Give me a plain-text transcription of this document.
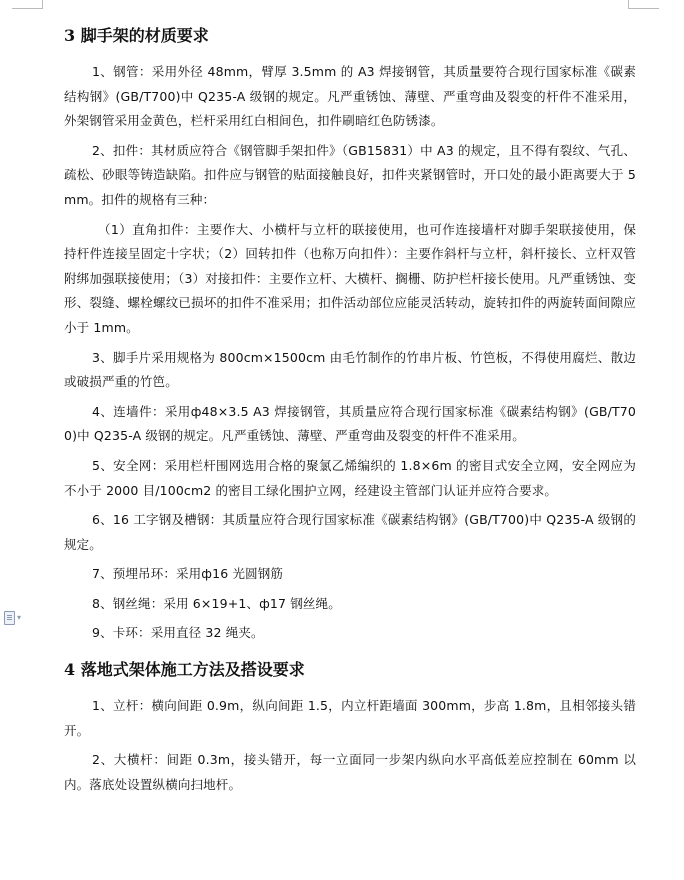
▾
3 脚手架的材质要求

1、钢管：采用外径 48mm，臂厚 3.5mm 的 A3 焊接钢管，其质量要符合现行国家标准《碳素结构钢》(GB/T700)中 Q235-A 级钢的规定。凡严重锈蚀、薄壁、严重弯曲及裂变的杆件不准采用，外架钢管采用金黄色，栏杆采用红白相间色，扣件刷暗红色防锈漆。

2、扣件：其材质应符合《钢管脚手架扣件》（GB15831）中 A3 的规定，且不得有裂纹、气孔、疏松、砂眼等铸造缺陷。扣件应与钢管的贴面接触良好，扣件夹紧钢管时，开口处的最小距离要大于 5mm。扣件的规格有三种：

（1）直角扣件：主要作大、小横杆与立杆的联接使用，也可作连接墙杆对脚手架联接使用，保持杆件连接呈固定十字状；（2）回转扣件（也称万向扣件）：主要作斜杆与立杆，斜杆接长、立杆双管附绑加强联接使用；（3）对接扣件：主要作立杆、大横杆、搁栅、防护栏杆接长使用。凡严重锈蚀、变形、裂缝、螺栓螺纹已损坏的扣件不准采用；扣件活动部位应能灵活转动，旋转扣件的两旋转面间隙应小于 1mm。

3、脚手片采用规格为 800cm×1500cm 由毛竹制作的竹串片板、竹笆板，不得使用腐烂、散边或破损严重的竹笆。

4、连墙件：采用ф48×3.5 A3 焊接钢管，其质量应符合现行国家标准《碳素结构钢》(GB/T700)中 Q235-A 级钢的规定。凡严重锈蚀、薄壁、严重弯曲及裂变的杆件不准采用。

5、安全网：采用栏杆围网选用合格的聚氯乙烯编织的 1.8×6m 的密目式安全立网，安全网应为不小于 2000 目/100cm2 的密目工绿化围护立网，经建设主管部门认证并应符合要求。

6、16 工字钢及槽钢：其质量应符合现行国家标准《碳素结构钢》(GB/T700)中 Q235-A 级钢的规定。

7、预埋吊环：采用ф16 光圆钢筋

8、钢丝绳：采用 6×19+1、ф17 钢丝绳。

9、卡环：采用直径 32 绳夹。

4 落地式架体施工方法及搭设要求

1、立杆：横向间距 0.9m，纵向间距 1.5，内立杆距墙面 300mm，步高 1.8m，且相邻接头错开。

2、大横杆：间距 0.3m，接头错开，每一立面同一步架内纵向水平高低差应控制在 60mm 以内。落底处设置纵横向扫地杆。
